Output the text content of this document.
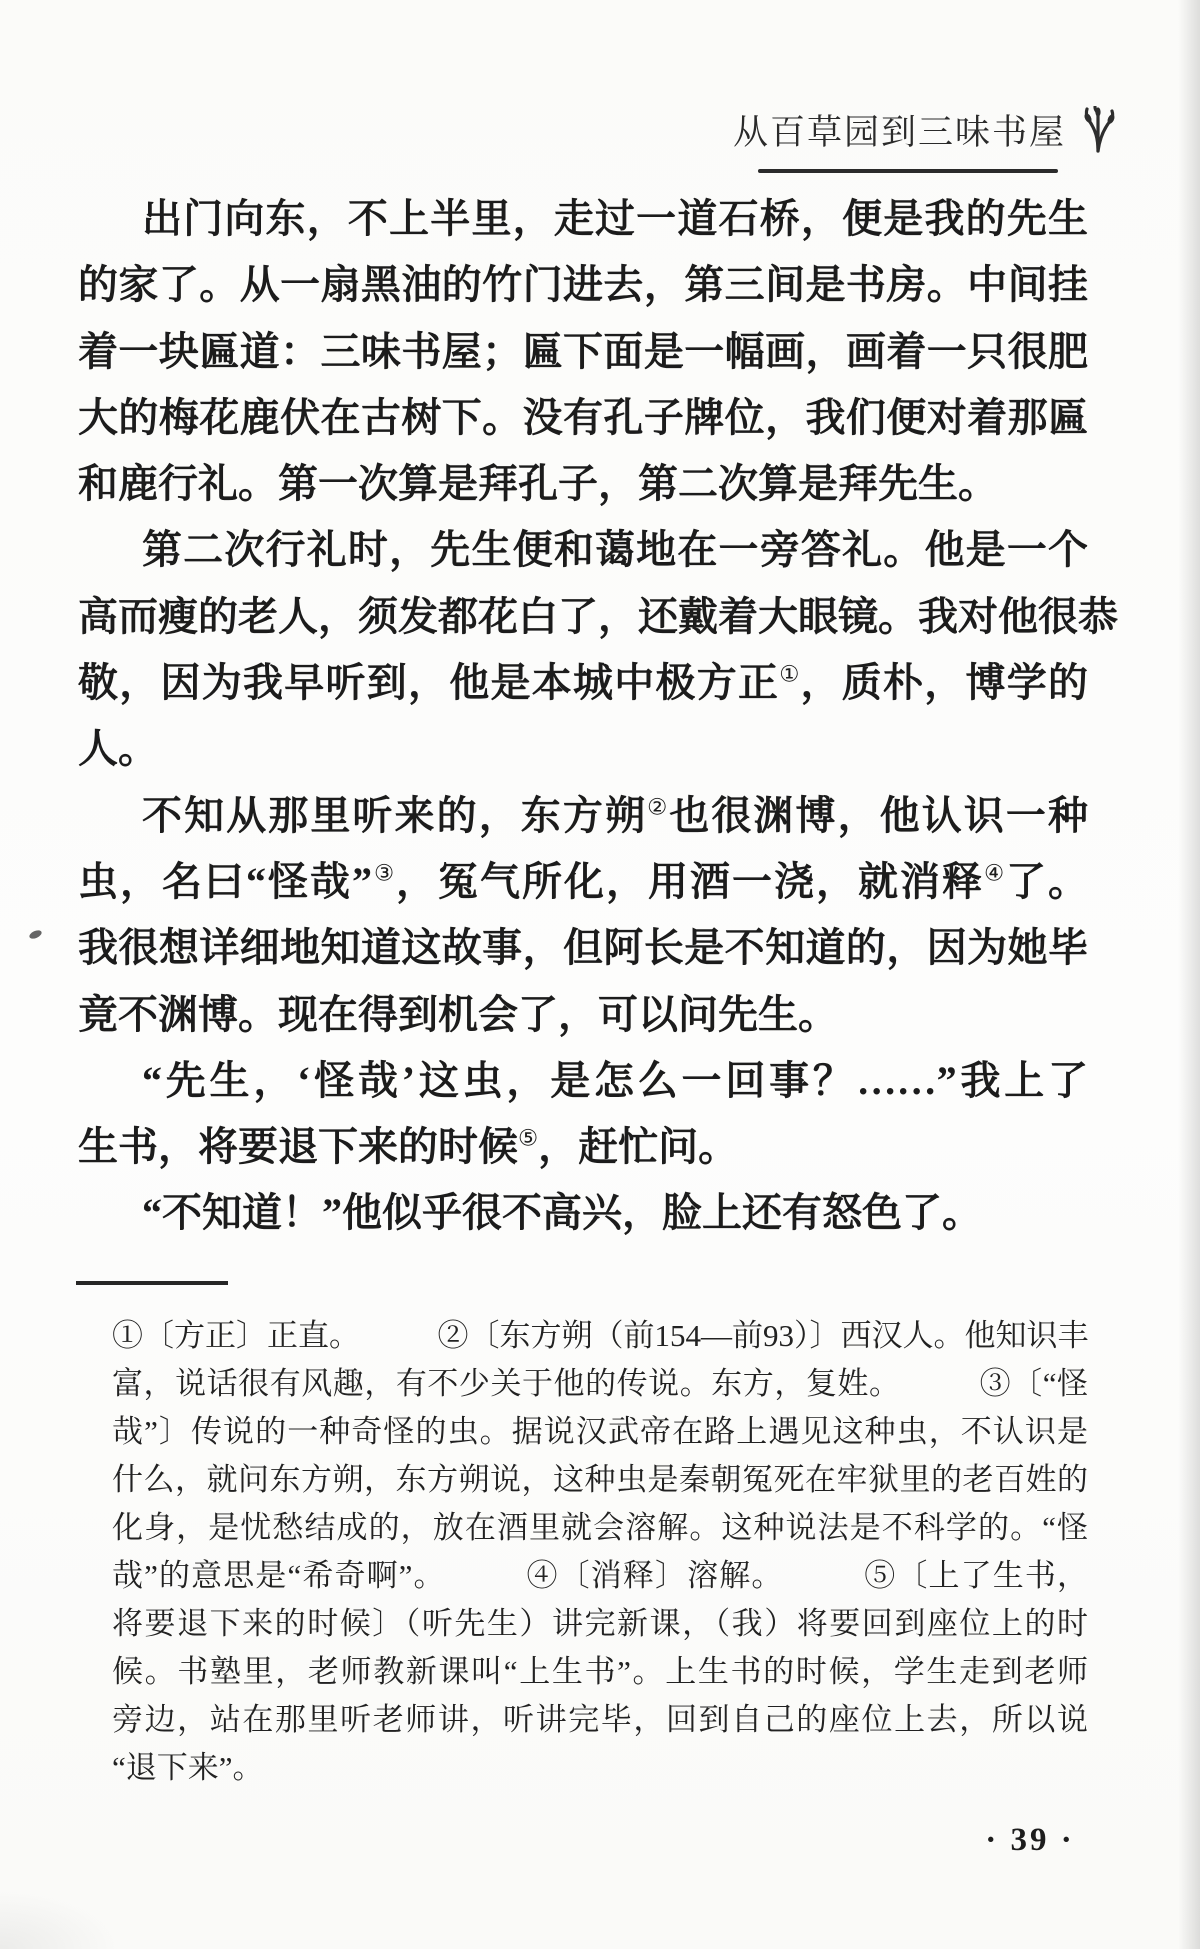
从百草园到三味书屋
出门向东，不上半里，走过一道石桥，便是我的先生
的家了。从一扇黑油的竹门进去，第三间是书房。中间挂
着一块匾道：三味书屋；匾下面是一幅画，画着一只很肥
大的梅花鹿伏在古树下。没有孔子牌位，我们便对着那匾
和鹿行礼。第一次算是拜孔子，第二次算是拜先生。
第二次行礼时，先生便和蔼地在一旁答礼。他是一个
高而瘦的老人，须发都花白了，还戴着大眼镜。我对他很恭
敬，因为我早听到，他是本城中极方正①，质朴，博学的
人。
不知从那里听来的，东方朔②也很渊博，他认识一种
虫，名曰“怪哉”③，冤气所化，用酒一浇，就消释④了。
我很想详细地知道这故事，但阿长是不知道的，因为她毕
竟不渊博。现在得到机会了，可以问先生。
“先生，‘怪哉’这虫，是怎么一回事？……”我上了
生书，将要退下来的时候⑤，赶忙问。
“不知道！”他似乎很不高兴，脸上还有怒色了。
①〔方正〕正直。　　　②〔东方朔（前154—前93）〕西汉人。他知识丰
富，说话很有风趣，有不少关于他的传说。东方，复姓。　　　③〔“怪
哉”〕传说的一种奇怪的虫。据说汉武帝在路上遇见这种虫，不认识是
什么，就问东方朔，东方朔说，这种虫是秦朝冤死在牢狱里的老百姓的
化身，是忧愁结成的，放在酒里就会溶解。这种说法是不科学的。“怪
哉”的意思是“希奇啊”。　　　④〔消释〕溶解。　　　⑤〔上了生书，
将要退下来的时候〕（听先生）讲完新课，（我）将要回到座位上的时
候。书塾里，老师教新课叫“上生书”。上生书的时候，学生走到老师
旁边，站在那里听老师讲，听讲完毕，回到自己的座位上去，所以说
“退下来”。
· 39 ·
